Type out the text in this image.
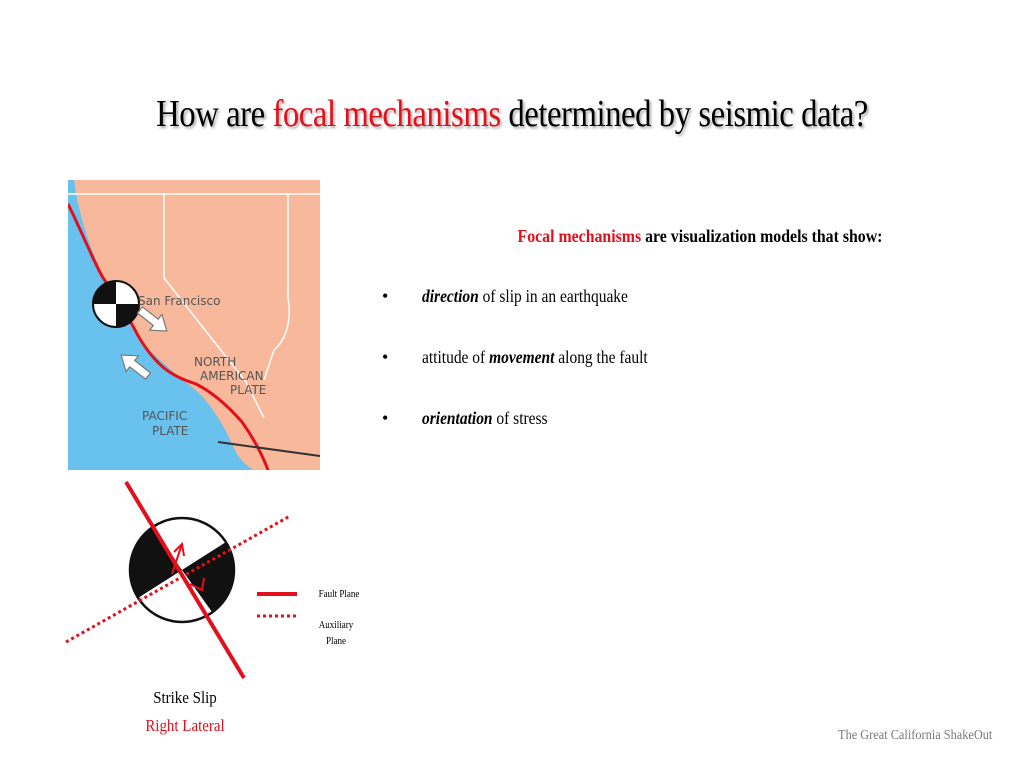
How are focal mechanisms determined by seismic data?
San Francisco
NORTH
AMERICAN
PLATE
PACIFIC
PLATE
Focal mechanisms are visualization models that show:
• direction of slip in an earthquake
• attitude of movement along the fault
• orientation of stress
Fault Plane
Auxiliary
Plane
Strike Slip
Right Lateral
The Great California ShakeOut
